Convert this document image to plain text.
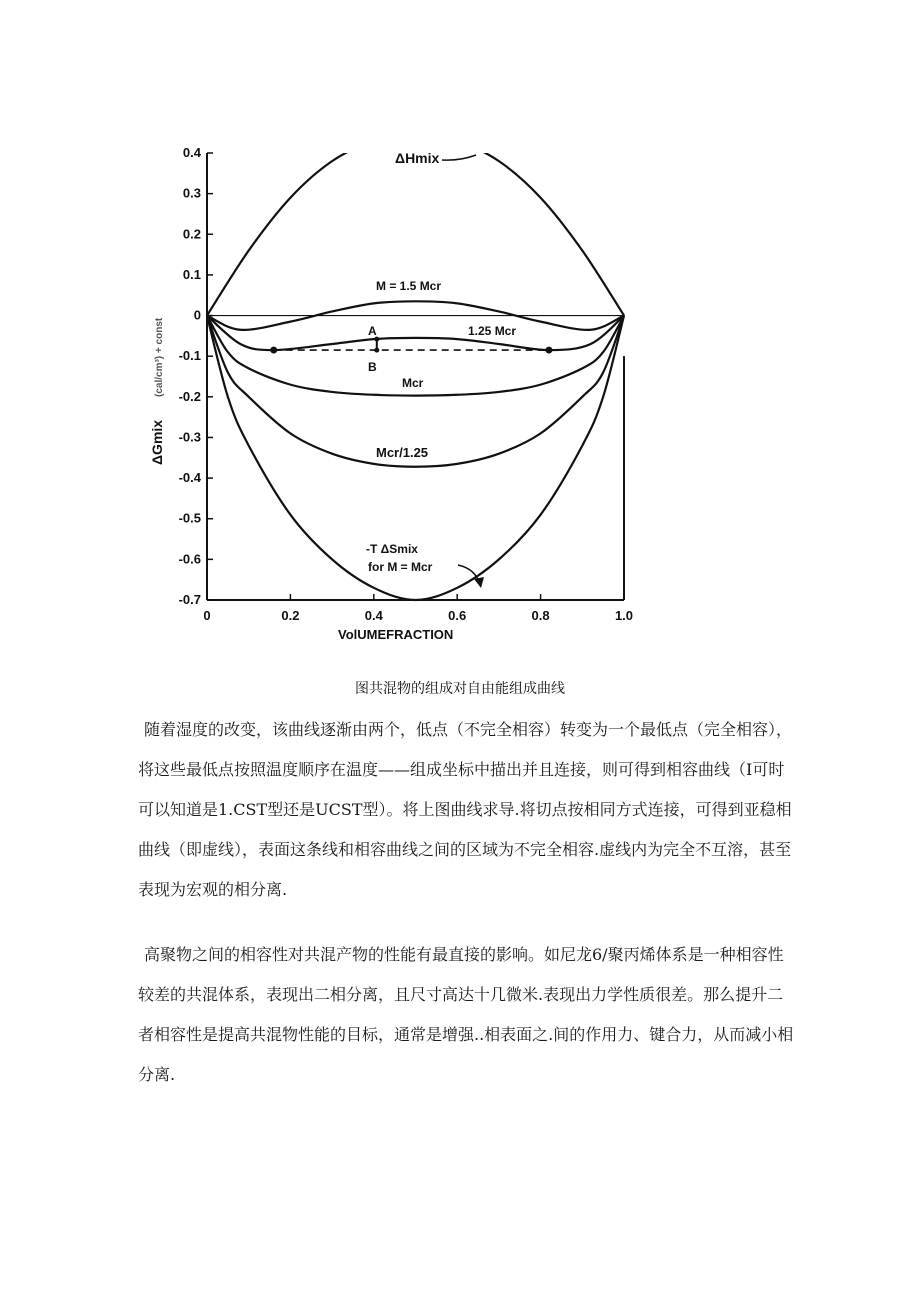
0.4
0.3
0.2
0.1
0
-0.1
-0.2
-0.3
-0.4
-0.5
-0.6
-0.7
0	0.2	0.4	0.6	0.8	1.0
ΔHmix
M = 1.5 Mcr
1.25 Mcr
A
B
Mcr
Mcr/1.25
-T ΔSmix
for M = Mcr
ΔGmix
(cal/cm³) + const
VolUMEFRACTION
图共混物的组成对自由能组成曲线

随着湿度的改变，该曲线逐渐由两个，低点（不完全相容）转变为一个最低点（完全相容），将这些最低点按照温度顺序在温度——组成坐标中描出并且连接，则可得到相容曲线（I可时可以知道是1.CST型还是UCST型）。将上图曲线求导.将切点按相同方式连接，可得到亚稳相曲线（即虚线），表面这条线和相容曲线之间的区域为不完全相容.虚线内为完全不互溶，甚至表现为宏观的相分离.

高聚物之间的相容性对共混产物的性能有最直接的影响。如尼龙6/聚丙烯体系是一种相容性较差的共混体系，表现出二相分离，且尺寸高达十几微米.表现出力学性质很差。那么提升二者相容性是提高共混物性能的目标，通常是增强..相表面之.间的作用力、键合力，从而减小相分离.
